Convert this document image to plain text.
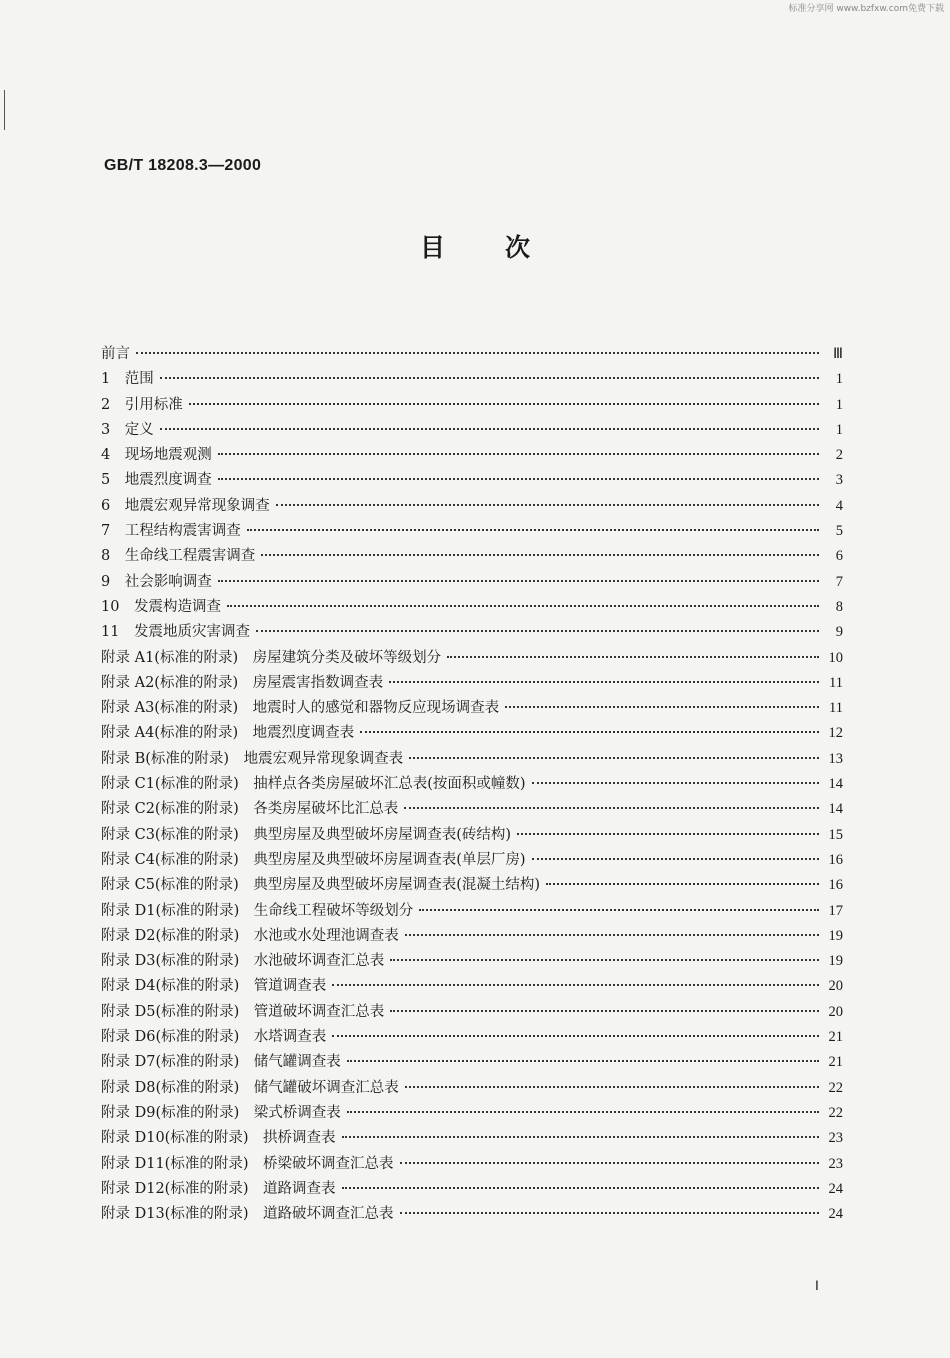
标准分享网 www.bzfxw.com免费下载
GB/T 18208.3—2000
目次
前言	Ⅲ
1　范围	1
2　引用标准	1
3　定义	1
4　现场地震观测	2
5　地震烈度调查	3
6　地震宏观异常现象调查	4
7　工程结构震害调查	5
8　生命线工程震害调查	6
9　社会影响调查	7
10　发震构造调查	8
11　发震地质灾害调查	9
附录 A1(标准的附录)　房屋建筑分类及破坏等级划分	10
附录 A2(标准的附录)　房屋震害指数调查表	11
附录 A3(标准的附录)　地震时人的感觉和器物反应现场调查表	11
附录 A4(标准的附录)　地震烈度调查表	12
附录 B(标准的附录)　地震宏观异常现象调查表	13
附录 C1(标准的附录)　抽样点各类房屋破坏汇总表(按面积或幢数)	14
附录 C2(标准的附录)　各类房屋破坏比汇总表	14
附录 C3(标准的附录)　典型房屋及典型破坏房屋调查表(砖结构)	15
附录 C4(标准的附录)　典型房屋及典型破坏房屋调查表(单层厂房)	16
附录 C5(标准的附录)　典型房屋及典型破坏房屋调查表(混凝土结构)	16
附录 D1(标准的附录)　生命线工程破坏等级划分	17
附录 D2(标准的附录)　水池或水处理池调查表	19
附录 D3(标准的附录)　水池破坏调查汇总表	19
附录 D4(标准的附录)　管道调查表	20
附录 D5(标准的附录)　管道破坏调查汇总表	20
附录 D6(标准的附录)　水塔调查表	21
附录 D7(标准的附录)　储气罐调查表	21
附录 D8(标准的附录)　储气罐破坏调查汇总表	22
附录 D9(标准的附录)　梁式桥调查表	22
附录 D10(标准的附录)　拱桥调查表	23
附录 D11(标准的附录)　桥梁破坏调查汇总表	23
附录 D12(标准的附录)　道路调查表	24
附录 D13(标准的附录)　道路破坏调查汇总表	24
Ⅰ
